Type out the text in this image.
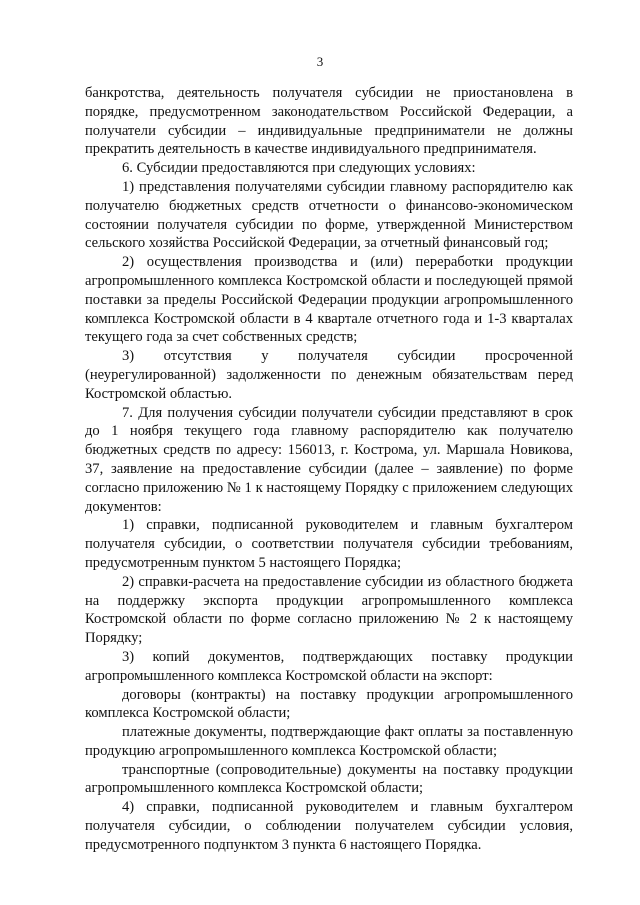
3

банкротства, деятельность получателя субсидии не приостановлена в порядке, предусмотренном законодательством Российской Федерации, а получатели субсидии – индивидуальные предприниматели не должны прекратить деятельность в качестве индивидуального предпринимателя.

6. Субсидии предоставляются при следующих условиях:

1) представления получателями субсидии главному распорядителю как получателю бюджетных средств отчетности о финансово-экономическом состоянии получателя субсидии по форме, утвержденной Министерством сельского хозяйства Российской Федерации, за отчетный финансовый год;

2) осуществления производства и (или) переработки продукции агропромышленного комплекса Костромской области и последующей прямой поставки за пределы Российской Федерации продукции агропромышленного комплекса Костромской области в 4 квартале отчетного года и 1-3 кварталах текущего года за счет собственных средств;

3) отсутствия у получателя субсидии просроченной (неурегулированной) задолженности по денежным обязательствам перед Костромской областью.

7. Для получения субсидии получатели субсидии представляют в срок до 1 ноября текущего года главному распорядителю как получателю бюджетных средств по адресу: 156013, г. Кострома, ул. Маршала Новикова, 37, заявление на предоставление субсидии (далее – заявление) по форме согласно приложению № 1 к настоящему Порядку с приложением следующих документов:

1) справки, подписанной руководителем и главным бухгалтером получателя субсидии, о соответствии получателя субсидии требованиям, предусмотренным пунктом 5 настоящего Порядка;

2) справки-расчета на предоставление субсидии из областного бюджета на поддержку экспорта продукции агропромышленного комплекса Костромской области по форме согласно приложению № 2 к настоящему Порядку;

3) копий документов, подтверждающих поставку продукции агропромышленного комплекса Костромской области на экспорт:

договоры (контракты) на поставку продукции агропромышленного комплекса Костромской области;

платежные документы, подтверждающие факт оплаты за поставленную продукцию агропромышленного комплекса Костромской области;

транспортные (сопроводительные) документы на поставку продукции агропромышленного комплекса Костромской области;

4) справки, подписанной руководителем и главным бухгалтером получателя субсидии, о соблюдении получателем субсидии условия, предусмотренного подпунктом 3 пункта 6 настоящего Порядка.
